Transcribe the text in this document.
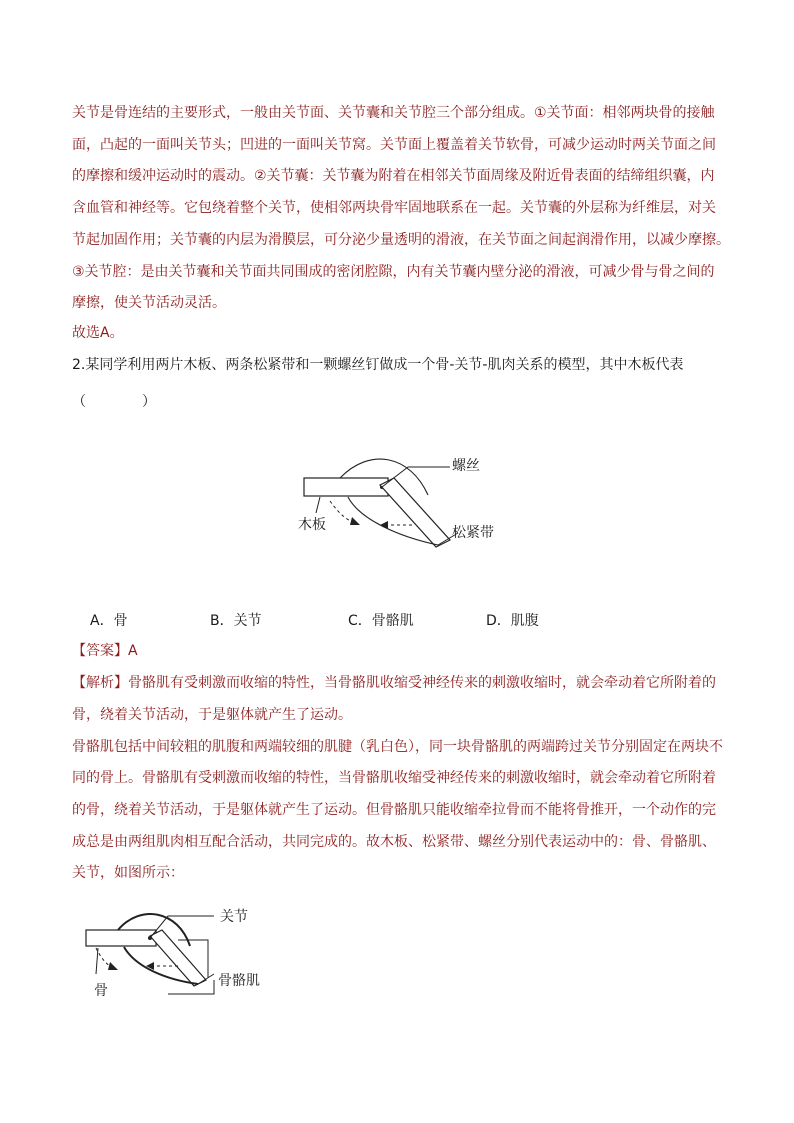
关节是骨连结的主要形式，一般由关节面、关节囊和关节腔三个部分组成。①关节面：相邻两块骨的接触
面，凸起的一面叫关节头；凹进的一面叫关节窝。关节面上覆盖着关节软骨，可减少运动时两关节面之间
的摩擦和缓冲运动时的震动。②关节囊：关节囊为附着在相邻关节面周缘及附近骨表面的结缔组织囊，内
含血管和神经等。它包绕着整个关节，使相邻两块骨牢固地联系在一起。关节囊的外层称为纤维层，对关
节起加固作用；关节囊的内层为滑膜层，可分泌少量透明的滑液，在关节面之间起润滑作用，以减少摩擦。
③关节腔：是由关节囊和关节面共同围成的密闭腔隙，内有关节囊内壁分泌的滑液，可减少骨与骨之间的
摩擦，使关节活动灵活。
故选A。
2.某同学利用两片木板、两条松紧带和一颗螺丝钉做成一个骨-关节-肌肉关系的模型，其中木板代表
（　　　　）
螺丝
木板	松紧带
A．骨	B．关节	C．骨骼肌	D．肌腹
【答案】A
【解析】骨骼肌有受刺激而收缩的特性，当骨骼肌收缩受神经传来的刺激收缩时，就会牵动着它所附着的
骨，绕着关节活动，于是躯体就产生了运动。
骨骼肌包括中间较粗的肌腹和两端较细的肌腱（乳白色），同一块骨骼肌的两端跨过关节分别固定在两块不
同的骨上。骨骼肌有受刺激而收缩的特性，当骨骼肌收缩受神经传来的刺激收缩时，就会牵动着它所附着
的骨，绕着关节活动，于是躯体就产生了运动。但骨骼肌只能收缩牵拉骨而不能将骨推开，一个动作的完
成总是由两组肌肉相互配合活动，共同完成的。故木板、松紧带、螺丝分别代表运动中的：骨、骨骼肌、
关节，如图所示：
关节
骨
骨骼肌
